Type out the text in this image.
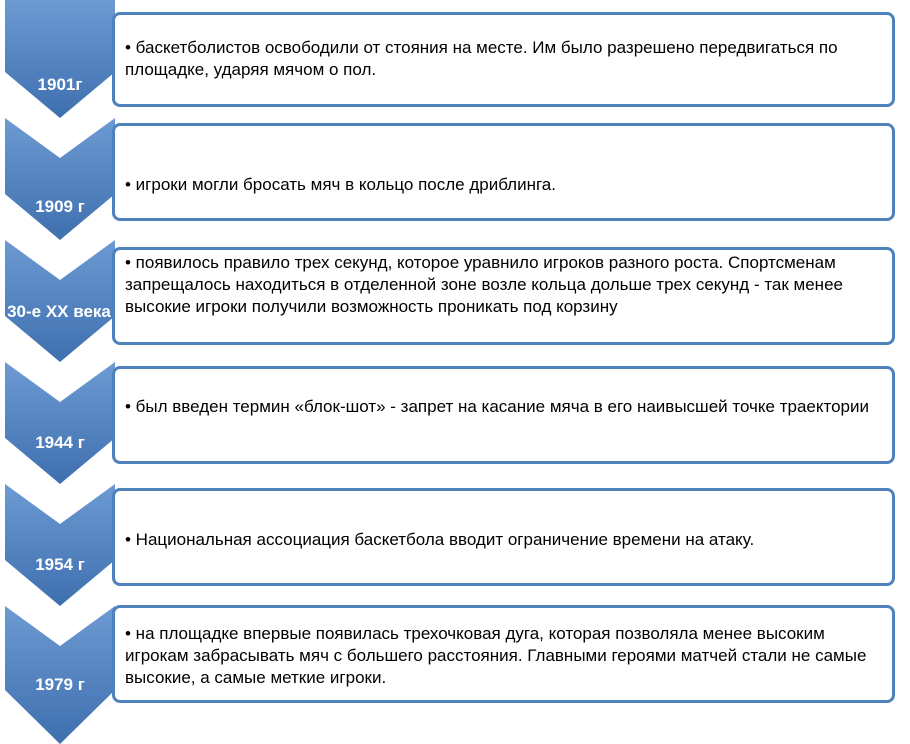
1901г
1909 г
30-е XX века
1944 г
1954 г
1979 г
• баскетболистов освободили от стояния на месте. Им было разрешено передвигаться по площадке, ударяя мячом о пол.
• игроки могли бросать мяч в кольцо после дриблинга.
• появилось правило трех секунд, которое уравнило игроков разного роста. Спортсменам запрещалось находиться в отделенной зоне возле кольца дольше трех секунд - так менее высокие игроки получили возможность проникать под корзину
• был введен термин «блок-шот» - запрет на касание мяча в его наивысшей точке траектории
• Национальная ассоциация баскетбола вводит ограничение времени на атаку.
• на площадке впервые появилась трехочковая дуга, которая позволяла менее высоким игрокам забрасывать мяч с большего расстояния. Главными героями матчей стали не самые высокие, а самые меткие игроки.
